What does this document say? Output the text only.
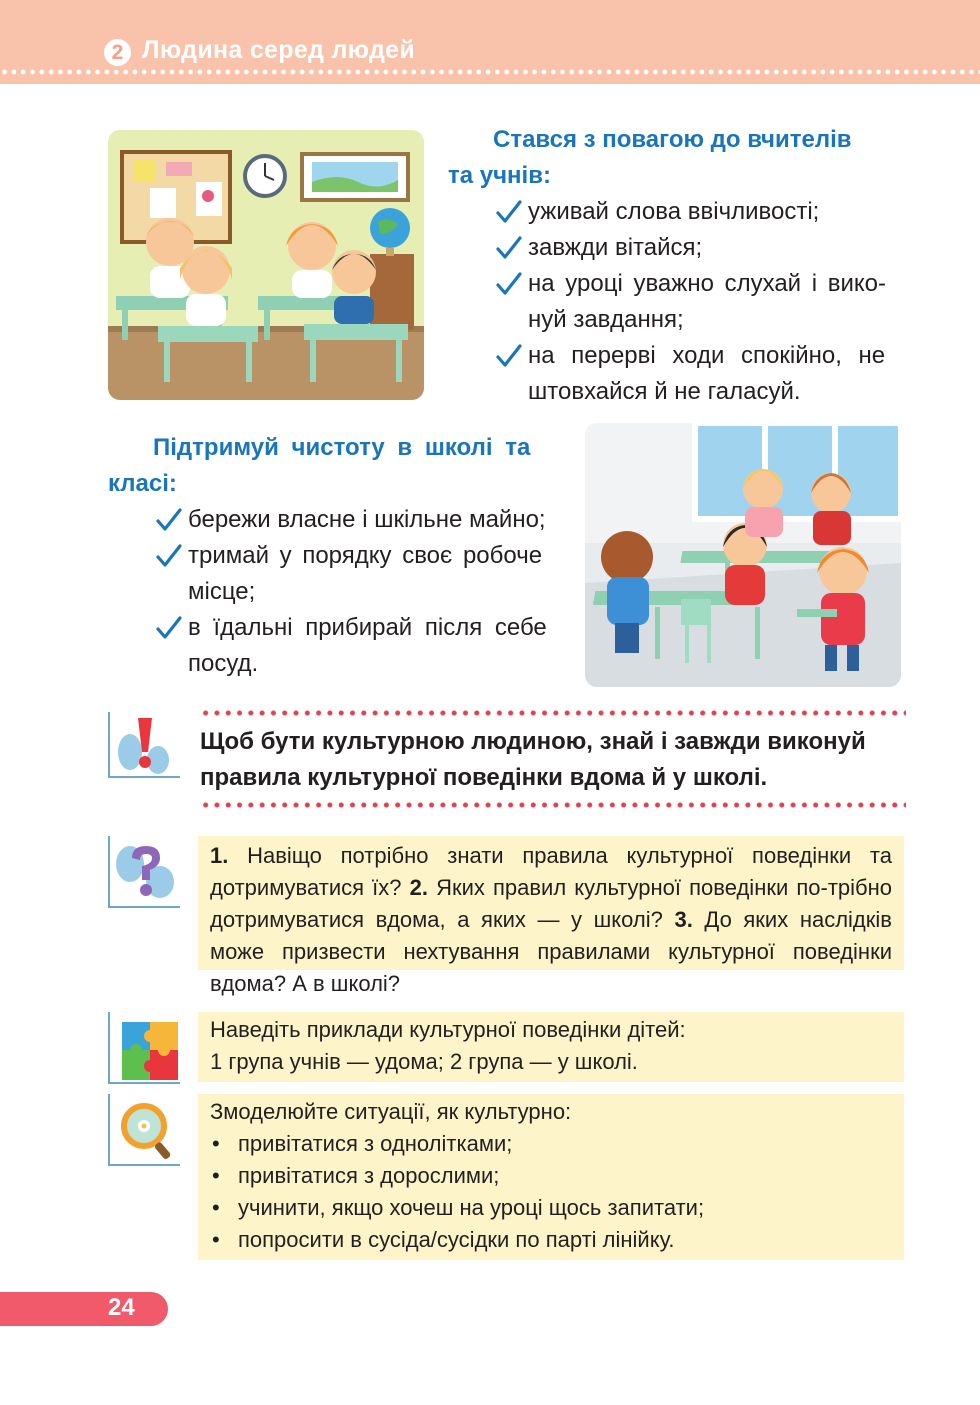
2 Людина серед людей
Стався з повагою до вчителів
та учнів:
уживай слова ввічливості;
завжди вітайся;
на уроці уважно слухай і вико-
нуй завдання;
на перерві ходи спокійно, не
штовхайся й не галасуй.
Підтримуй чистоту в школі та
класі:
бережи власне і шкільне майно;
тримай у порядку своє робоче
місце;
в їдальні прибирай після себе
посуд.
Щоб бути культурною людиною, знай і завжди виконуй
правила культурної поведінки вдома й у школі.
1. Навіщо потрібно знати правила культурної поведінки та дотримуватися їх? 2. Яких правил культурної поведінки по-трібно дотримуватися вдома, а яких — у школі? 3. До яких наслідків може призвести нехтування правилами культурної поведінки вдома? А в школі?
Наведіть приклади культурної поведінки дітей:
1 група учнів — удома; 2 група — у школі.
Змоделюйте ситуації, як культурно:
• привітатися з однолітками;
• привітатися з дорослими;
• учинити, якщо хочеш на уроці щось запитати;
• попросити в сусіда/сусідки по парті лінійку.
24
